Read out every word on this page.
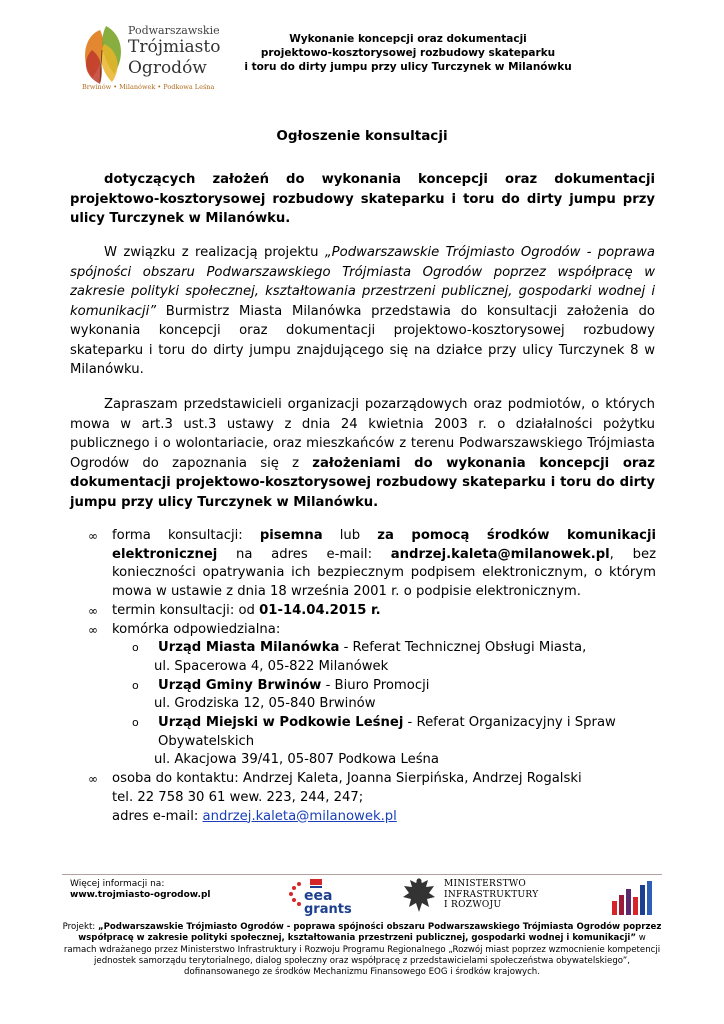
Podwarszawskie
Trójmiasto
Ogrodów
Brwinów • Milanówek • Podkowa Leśna
Wykonanie koncepcji oraz dokumentacji
projektowo-kosztorysowej rozbudowy skateparku
i toru do dirty jumpu przy ulicy Turczynek w Milanówku
Ogłoszenie konsultacji
dotyczących założeń do wykonania koncepcji oraz dokumentacji projektowo-kosztorysowej rozbudowy skateparku i toru do dirty jumpu przy ulicy Turczynek w Milanówku.
W związku z realizacją projektu „Podwarszawskie Trójmiasto Ogrodów - poprawa spójności obszaru Podwarszawskiego Trójmiasta Ogrodów poprzez współpracę w zakresie polityki społecznej, kształtowania przestrzeni publicznej, gospodarki wodnej i komunikacji” Burmistrz Miasta Milanówka przedstawia do konsultacji założenia do wykonania koncepcji oraz dokumentacji projektowo-kosztorysowej rozbudowy skateparku i toru do dirty jumpu znajdującego się na działce przy ulicy Turczynek 8 w Milanówku.
Zapraszam przedstawicieli organizacji pozarządowych oraz podmiotów, o których mowa w art.3 ust.3 ustawy z dnia 24 kwietnia 2003 r. o działalności pożytku publicznego i o wolontariacie, oraz mieszkańców z terenu Podwarszawskiego Trójmiasta Ogrodów do zapoznania się z założeniami do wykonania koncepcji oraz dokumentacji projektowo-kosztorysowej rozbudowy skateparku i toru do dirty jumpu przy ulicy Turczynek w Milanówku.
∞ forma konsultacji: pisemna lub za pomocą środków komunikacji elektronicznej na adres e-mail: andrzej.kaleta@milanowek.pl, bez konieczności opatrywania ich bezpiecznym podpisem elektronicznym, o którym mowa w ustawie z dnia 18 września 2001 r. o podpisie elektronicznym.
∞ termin konsultacji: od 01-14.04.2015 r.
∞ komórka odpowiedzialna:
o Urząd Miasta Milanówka - Referat Technicznej Obsługi Miasta,
ul. Spacerowa 4, 05-822 Milanówek
o Urząd Gminy Brwinów - Biuro Promocji
ul. Grodziska 12, 05-840 Brwinów
o Urząd Miejski w Podkowie Leśnej - Referat Organizacyjny i Spraw Obywatelskich
ul. Akacjowa 39/41, 05-807 Podkowa Leśna
∞ osoba do kontaktu: Andrzej Kaleta, Joanna Sierpińska, Andrzej Rogalski
tel. 22 758 30 61 wew. 223, 244, 247;
adres e-mail: andrzej.kaleta@milanowek.pl
Więcej informacji na:
www.trojmiasto-ogrodow.pl	eea
grants
MINISTERSTWO
INFRASTRUKTURY
I ROZWOJU
Projekt: „Podwarszawskie Trójmiasto Ogrodów - poprawa spójności obszaru Podwarszawskiego Trójmiasta Ogrodów poprzez współpracę w zakresie polityki społecznej, kształtowania przestrzeni publicznej, gospodarki wodnej i komunikacji” w ramach wdrażanego przez Ministerstwo Infrastruktury i Rozwoju Programu Regionalnego „Rozwój miast poprzez wzmocnienie kompetencji jednostek samorządu terytorialnego, dialog społeczny oraz współpracę z przedstawicielami społeczeństwa obywatelskiego”, dofinansowanego ze środków Mechanizmu Finansowego EOG i środków krajowych.
